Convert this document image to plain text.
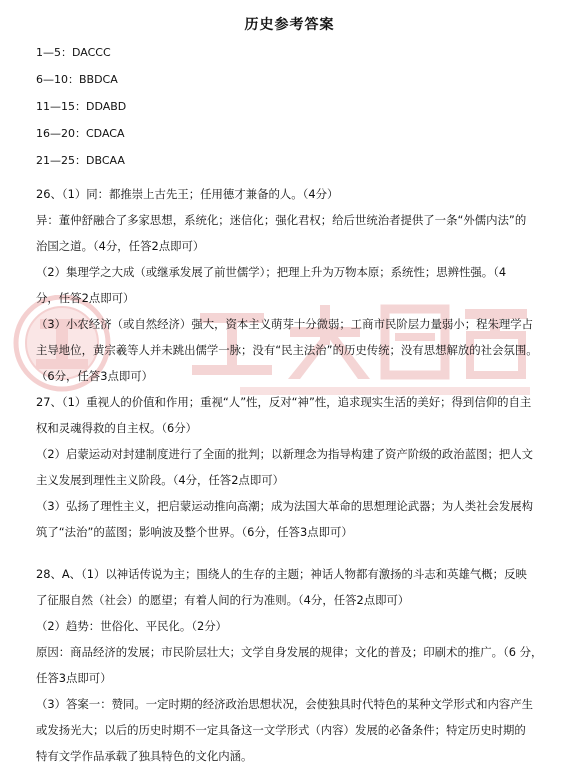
历史参考答案
1—5：DACCC
6—10：BBDCA
11—15：DDABD
16—20：CDACA
21—25：DBCAA
26、（1）同：都推崇上古先王；任用德才兼备的人。（4分）
异：董仲舒融合了多家思想，系统化；迷信化；强化君权；给后世统治者提供了一条“外儒内法”的
治国之道。（4分，任答2点即可）
（2）集理学之大成（或继承发展了前世儒学）；把理上升为万物本原；系统性；思辨性强。（4
分，任答2点即可）
（3）小农经济（或自然经济）强大，资本主义萌芽十分微弱；工商市民阶层力量弱小；程朱理学占
主导地位，黄宗羲等人并未跳出儒学一脉；没有“民主法治”的历史传统；没有思想解放的社会氛围。
（6分，任答3点即可）
27、（1）重视人的价值和作用；重视“人”性，反对“神”性，追求现实生活的美好；得到信仰的自主
权和灵魂得救的自主权。（6分）
（2）启蒙运动对封建制度进行了全面的批判；以新理念为指导构建了资产阶级的政治蓝图；把人文
主义发展到理性主义阶段。（4分，任答2点即可）
（3）弘扬了理性主义，把启蒙运动推向高潮；成为法国大革命的思想理论武器；为人类社会发展构
筑了“法治”的蓝图；影响波及整个世界。（6分，任答3点即可）
28、A、（1）以神话传说为主；围绕人的生存的主题；神话人物都有激扬的斗志和英雄气概；反映
了征服自然（社会）的愿望；有着人间的行为准则。（4分，任答2点即可）
（2）趋势：世俗化、平民化。（2分）
原因：商品经济的发展；市民阶层壮大；文学自身发展的规律；文化的普及；印刷术的推广。（6 分，
任答3点即可）
（3）答案一：赞同。一定时期的经济政治思想状况，会使独具时代特色的某种文学形式和内容产生
或发扬光大；以后的历史时期不一定具备这一文学形式（内容）发展的必备条件；特定历史时期的
特有文学作品承载了独具特色的文化内涵。
